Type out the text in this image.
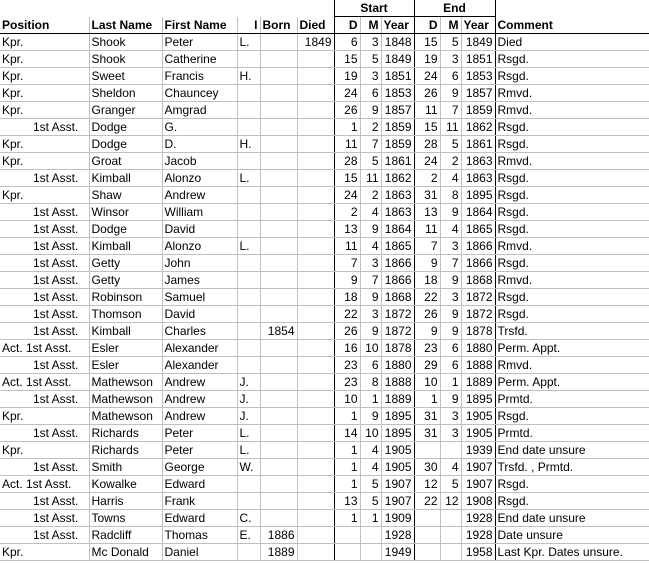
						Start			End			
Position	Last Name	First Name	I	Born	Died	D	M	Year	D	M	Year	Comment
Kpr.	Shook	Peter	L.		1849	6	3	1848	15	5	1849	Died
Kpr.	Shook	Catherine				15	5	1849	19	3	1851	Rsgd.
Kpr.	Sweet	Francis	H.			19	3	1851	24	6	1853	Rsgd.
Kpr.	Sheldon	Chauncey				24	6	1853	26	9	1857	Rmvd.
Kpr.	Granger	Amgrad				26	9	1857	11	7	1859	Rmvd.
1st Asst.	Dodge	G.				1	2	1859	15	11	1862	Rsgd.
Kpr.	Dodge	D.	H.			11	7	1859	28	5	1861	Rsgd.
Kpr.	Groat	Jacob				28	5	1861	24	2	1863	Rmvd.
1st Asst.	Kimball	Alonzo	L.			15	11	1862	2	4	1863	Rsgd.
Kpr.	Shaw	Andrew				24	2	1863	31	8	1895	Rsgd.
1st Asst.	Winsor	William				2	4	1863	13	9	1864	Rsgd.
1st Asst.	Dodge	David				13	9	1864	11	4	1865	Rsgd.
1st Asst.	Kimball	Alonzo	L.			11	4	1865	7	3	1866	Rmvd.
1st Asst.	Getty	John				7	3	1866	9	7	1866	Rsgd.
1st Asst.	Getty	James				9	7	1866	18	9	1868	Rmvd.
1st Asst.	Robinson	Samuel				18	9	1868	22	3	1872	Rsgd.
1st Asst.	Thomson	David				22	3	1872	26	9	1872	Rsgd.
1st Asst.	Kimball	Charles		1854		26	9	1872	9	9	1878	Trsfd.
Act. 1st Asst.	Esler	Alexander				16	10	1878	23	6	1880	Perm. Appt.
1st Asst.	Esler	Alexander				23	6	1880	29	6	1888	Rmvd.
Act. 1st Asst.	Mathewson	Andrew	J.			23	8	1888	10	1	1889	Perm. Appt.
1st Asst.	Mathewson	Andrew	J.			10	1	1889	1	9	1895	Prmtd.
Kpr.	Mathewson	Andrew	J.			1	9	1895	31	3	1905	Rsgd.
1st Asst.	Richards	Peter	L.			14	10	1895	31	3	1905	Prmtd.
Kpr.	Richards	Peter	L.			1	4	1905			1939	End date unsure
1st Asst.	Smith	George	W.			1	4	1905	30	4	1907	Trsfd. , Prmtd.
Act. 1st Asst.	Kowalke	Edward				1	5	1907	12	5	1907	Rsgd.
1st Asst.	Harris	Frank				13	5	1907	22	12	1908	Rsgd.
1st Asst.	Towns	Edward	C.			1	1	1909			1928	End date unsure
1st Asst.	Radcliff	Thomas	E.	1886				1928			1928	Date unsure
Kpr.	Mc Donald	Daniel		1889				1949			1958	Last Kpr. Dates unsure.
